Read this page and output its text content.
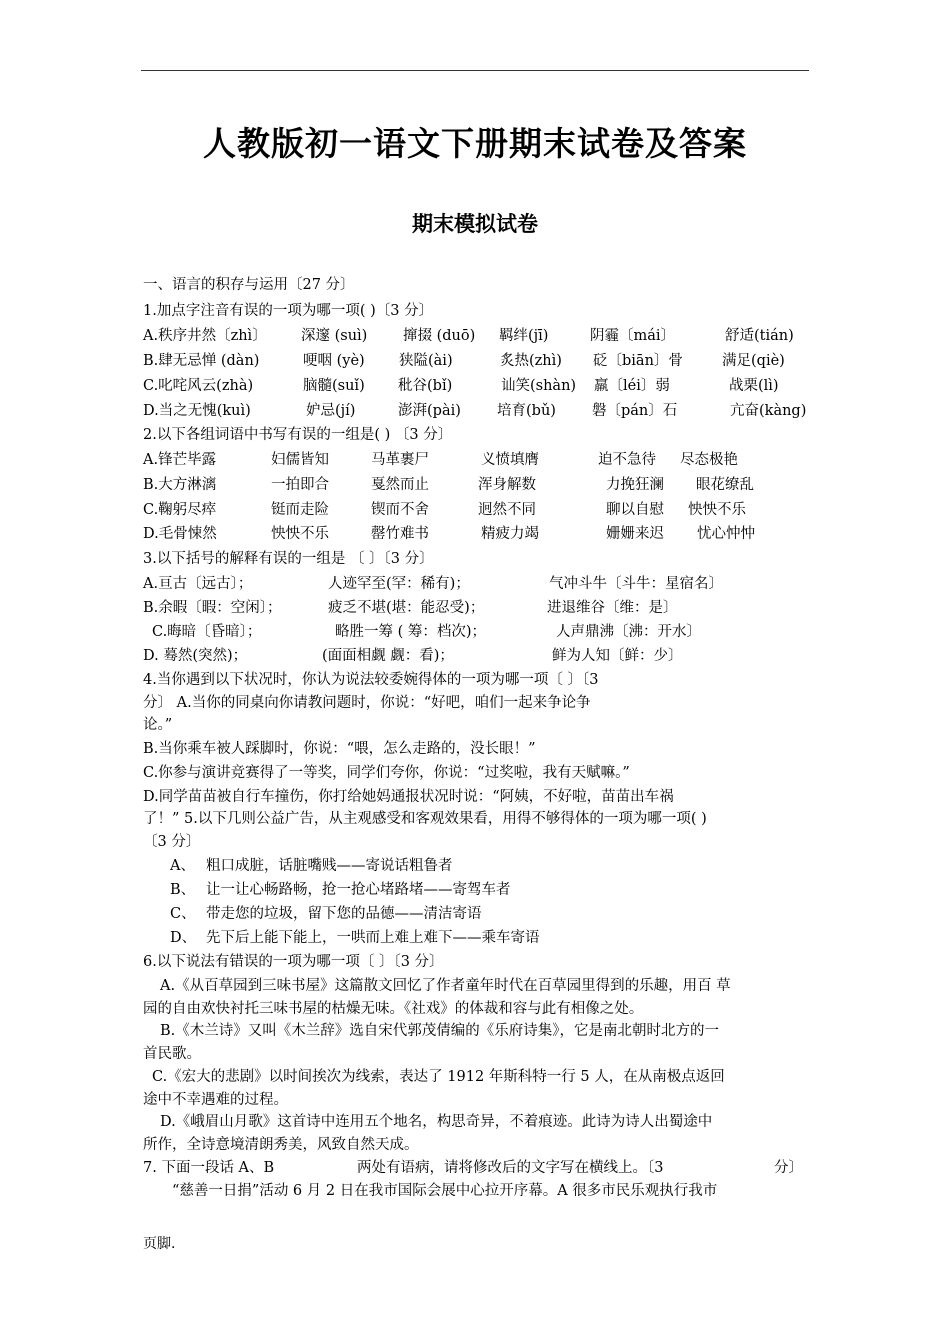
人教版初一语文下册期末试卷及答案
期末模拟试卷
一、语言的积存与运用〔27 分〕
1.加点字注音有误的一项为哪一项( )〔3 分〕
A.秩序井然〔zhì〕 深邃 (suì) 撺掇 (duō) 羁绊(jī)	阴霾〔mái〕	舒适(tián)
B.肆无忌惮 (dàn)	哽咽 (yè) 狭隘(ài)	炙热(zhì) 砭〔biān〕骨	满足(qiè)
C.叱咤风云(zhà)	脑髓(suǐ) 秕谷(bǐ)	讪笑(shàn) 羸〔léi〕弱	战栗(lì)
D.当之无愧(kuì)	妒忌(jí)	澎湃(pài) 培育(bǔ) 磐〔pán〕石	亢奋(kàng)
2.以下各组词语中书写有误的一组是( ) 〔3 分〕
A.锋芒毕露	妇儒皆知	马革裹尸	义愤填膺	迫不急待 尽态极艳
B.大方淋漓	一拍即合	戛然而止	浑身解数	力挽狂澜 眼花缭乱
C.鞠躬尽瘁	铤而走险	锲而不舍	迥然不同	聊以自慰 怏怏不乐
D.毛骨悚然	怏怏不乐	罄竹难书	精疲力竭	姗姗来迟 忧心忡忡
3.以下括号的解释有误的一组是 〔 〕〔3 分〕
A.亘古〔远古〕；	人迹罕至(罕：稀有)；	气冲斗牛〔斗牛：星宿名〕
B.余暇〔暇：空闲〕；	疲乏不堪(堪：能忍受)；	进退维谷〔维：是〕
C.晦暗〔昏暗〕；	略胜一筹 ( 筹：档次)；	人声鼎沸〔沸：开水〕
D. 蓦然(突然)；	(面面相觑 觑：看)；	鲜为人知〔鲜：少〕
4.当你遇到以下状况时，你认为说法较委婉得体的一项为哪一项〔 〕〔3
分〕 A.当你的同桌向你请教问题时，你说：“好吧，咱们一起来争论争
论。”
B.当你乘车被人踩脚时，你说：“喂，怎么走路的，没长眼！”
C.你参与演讲竞赛得了一等奖，同学们夸你，你说：“过奖啦，我有天赋嘛。”
D.同学苗苗被自行车撞伤，你打给她妈通报状况时说：“阿姨，不好啦，苗苗出车祸
了！” 5.以下几则公益广告，从主观感受和客观效果看，用得不够得体的一项为哪一项( )
〔3 分〕
A、 粗口成脏，话脏嘴贱——寄说话粗鲁者
B、 让一让心畅路畅，抢一抢心堵路堵——寄驾车者
C、 带走您的垃圾，留下您的品德——清洁寄语
D、 先下后上能下能上，一哄而上难上难下——乘车寄语
6.以下说法有错误的一项为哪一项〔 〕〔3 分〕
A.《从百草园到三味书屋》这篇散文回忆了作者童年时代在百草园里得到的乐趣，用百 草
园的自由欢快衬托三味书屋的枯燥无味。《社戏》的体裁和容与此有相像之处。
B.《木兰诗》又叫《木兰辞》选自宋代郭茂倩编的《乐府诗集》，它是南北朝时北方的一
首民歌。
C.《宏大的悲剧》以时间挨次为线索，表达了 1912 年斯科特一行 5 人，在从南极点返回
途中不幸遇难的过程。
D.《峨眉山月歌》这首诗中连用五个地名，构思奇异，不着痕迹。此诗为诗人出蜀途中
所作，全诗意境清朗秀美，风致自然天成。
7. 下面一段话 A、B	两处有语病，请将修改后的文字写在横线上。〔3	分〕
“慈善一日捐”活动 6 月 2 日在我市国际会展中心拉开序幕。A 很多市民乐观执行我市
页脚.
